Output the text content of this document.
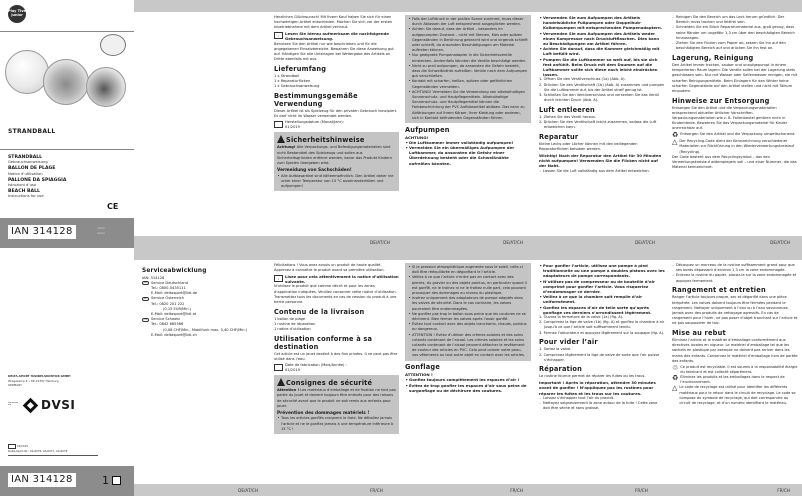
Play Tive Junior
STRANDBALL
STRANDBALL
Gebrauchsanweisung
BALLON DE PLAGE
Notice d’utilisation
PALLONE DA SPIAGGIA
Istruzioni d’uso
BEACH BALL
Instructions for use
CE
IAN 314128	⬭⬭⬭
⬭⬭⬭

Herzlichen Glückwunsch! Mit Ihrem Kauf haben Sie sich für einen hochwertigen Artikel entschieden. Machen Sie sich vor der ersten Inbetriebnahme mit dem Artikel vertraut.

i	Lesen Sie hierzu aufmerksam die nachfolgende Gebrauchsanweisung.

Benutzen Sie den Artikel nur wie beschrieben und für die angegebenen Einsatzbereiche. Bewahren Sie diese Anweisung gut auf. Händigen Sie alle Unterlagen bei Weitergabe des Artikels an Dritte ebenfalls mit aus.

Lieferumfang
1 x Strandball
1 x Reparaturflicken
1 x Gebrauchsanweisung
Bestimmungsgemäße Verwendung

Dieser Artikel ist als Spielzeug für den privaten Gebrauch konzipiert. Es darf nicht im Wasser verwendet werden.

Herstellungsdatum (Monat/Jahr):
01/2019
Sicherheitshinweise

Achtung! Alle Verpackungs- und Befestigungsmaterialien sind nicht Bestandteil des Spielzeugs und sollen aus Sicherheitsgründen entfernt werden, bevor das Produkt Kindern zum Spielen übergeben wird.

Vermeidung von Sachschäden!
• Alle Aufblasartikel sind kälteempfindlich. Den Artikel daher nie unter einer Temperatur von 15 °C auseinanderfalten und aufpumpen!
• Falls der Luftdruck in der prallen Sonne zunimmt, muss dieser durch Ablassen der Luft entsprechend ausgeglichen werden.
• Achten Sie darauf, dass der Artikel – besonders im aufgepumpten Zustand – nicht mit Steinen, Kies oder spitzen Gegenständen in Berührung gebracht wird und nirgends schleift oder schleift, da ansonsten Beschädigungen am Material auftreten können.
• Nur geeignete Pumpenadapter in die Sicherheitsventile einstecken. Andernfalls könnten die Ventile beschädigt werden.
• Nicht zu prall aufpumpen, da ansonsten die Gefahr besteht, dass die Schweißnähte aufreißen. Ventile nach dem Aufpumpen gut verschließen.
• Kontakt mit scharfen, heißen, spitzen oder gefährlichen Gegenständen vermeiden.
• ACHTUNG! Vermeiden Sie die Verwendung von alkoholhaltigen Sonnenschutz- und Hautpflegemitteln. Alkoholhaltige Sonnenschutz- und Hautpflegemittel können die Farbbeschichtung der PVC Aufblasartikel ablösen. Das kann zu Abfärbungen auf Ihrem Körper, Ihrer Kleidung oder anderen, sich in Kontakt befindenden Gegenständen führen.
Aufpumpen
ACHTUNG!
• Die Luftkammer immer vollständig aufpumpen!
• Vermeiden Sie ein übermäßiges Aufpumpen der Luftkammer, da ansonsten die Gefahr einer Überdehnung besteht oder die Schweißnähte aufreißen könnten.
DE/AT/CH	DE/AT/CH
• Verwenden Sie zum Aufpumpen des Artikels handelsübliche Fußpumpen oder Doppelhub-Kolbenpumpen mit entsprechenden Pumpenadaptern.
• Verwenden Sie zum Aufpumpen des Artikels weder einen Kompressor noch Druckluftflaschen. Dies kann zu Beschädigungen am Artikel führen.
• Achten Sie darauf, dass die Kammer gleichmäßig mit Luft befüllt wird.
• Pumpen Sie die Luftkammer so weit auf, bis sie sich fest anfühlt. Beim Druck mit dem Daumen auf die Luftkammer sollte sich diese noch leicht eindrücken lassen.
1. Öffnen Sie den Ventilverschluss (1a) (Abb. A).
2. Drücken Sie den Ventilschaft (1b) (Abb. A) zusammen und pumpen Sie die Luftkammer auf, bis der Artikel straff genug ist.
3. Schließen Sie den Ventilverschluss und versenken Sie das Ventil durch leichten Druck (Abb. A).
Luft entleeren
1. Ziehen Sie das Ventil heraus.
2. Drücken Sie den Ventilschaft leicht zusammen, sodass die Luft entweichen kann.
Reparatur

Kleine Lecks oder Löcher können mit den beiliegenden Reparaturflicken behoben werden.

Wichtig! Nach der Reparatur den Artikel für 30 Minuten nicht aufpumpen! Verwenden Sie die Flicken nicht auf der Naht.
- Lassen Sie die Luft vollständig aus dem Artikel entweichen.
- Reinigen Sie den Bereich um das Leck herum gründlich. Der Bereich muss trocken und fettfrei sein.
- Schneiden Sie ein Stück Reparaturmaterial aus, groß genug, dass seine Ränder um ungefähr 1,3 cm über den beschädigten Bereich hinausragen.
- Ziehen Sie den Flicken vom Papier ab, setzen Sie ihn auf den beschädigten Bereich auf und drücken Sie ihn fest an.
Lagerung, Reinigung

Den Artikel immer trocken, sauber und unaufgepumpt in einem temperierten Raum lagern. Die Ventile sollen bei der Lagerung stets geschlossen sein. Nur mit Wasser oder Seifenwasser reinigen, nie mit scharfen Reinigungsmitteln. Beim Einlagern für den Winter keine scharfen Gegenstände auf den Artikel stellen und nicht mit Talkum einpudern.

Hinweise zur Entsorgung

Entsorgen Sie den Artikel und die Verpackungsmaterialien entsprechend aktueller örtlicher Vorschriften. Verpackungsmaterialien wie z. B. Folienbeutel gehören nicht in Kinderhände. Bewahren Sie das Verpackungsmaterial für Kinder unerreichbar auf.

♻ Entsorgen Sie den Artikel und die Verpackung umweltschonend.
△ Der Recycling-Code dient der Kennzeichnung verschiedener Materialien zur Rückführung in den Wiederverwertungskreislauf (Recycling).

Der Code besteht aus dem Recyclingsymbol – das den Verwertungskreislauf widerspiegeln soll – und einer Nummer, die das Material kennzeichnet.

DE/AT/CH	DE/AT/CH
DELTA-SPORT HANDELSKONTOR GMBH
Wragekamp 6 • DE-22397 Hamburg
GERMANY
▬▬ ▬▬ ▬▬ ▬▬	DVSI
01/2019
Delta-Sport-Nr.: AS-6076, AS-6077, AS-6078
IAN 314128	1
Serviceabwicklung
IAN: 314128
DE	Service Deutschland
Tel.: 0800-5435111
E-Mail: deltasport@lidl.de
AT	Service Österreich
Tel.: 0820 201 222
(0,15 EUR/Min.)
E-Mail: deltasport@lidl.at
CH	Service Schweiz
Tel.: 0842 665566
(0,08 CHF/Min., Mobilfunk max. 0,40 CHF/Min.)
E-Mail: deltasport@lidl.ch
DE/AT/CH

Félicitations ! Vous avez acquis un produit de haute qualité. Apprenez à connaître le produit avant sa première utilisation.

i	Lisez pour cela attentivement la notice d’utilisation suivante.

N’utilisez le produit que comme décrit et pour les zones d’application indiquées. Veuillez conserver cette notice d’utilisation. Transmettez tous les documents en cas de cession du produit à une tierce personne.

Contenu de la livraison
1 ballon de plage
1 rustine de réparation
1 notice d’utilisation
Utilisation conforme à sa destination

Cet article est un jouet destiné à des fins privées. Il ne peut pas être utilisé dans l’eau.

Date de fabrication (Mois/Année) :
01/2019
Consignes de sécurité

Attention ! Les matériaux d’emballage et de fixation ne font pas partie du jouet et doivent toujours être enlevés pour des raisons de sécurité avant que le produit ne soit remis aux enfants pour jouer.

Prévention des dommages matériels !
• Tous les articles gonflés craignent le froid. Ne déballez jamais l’article et ne le gonflez jamais à une température inférieure à 15 °C !
• Si la pression atmosphérique augmente sous le soleil, celle-ci doit être rééquilibrée en dégonflant le l’article.
• Veillez à ce que l’article n’entre pas en contact avec des pierres, du gravier ou des objets pointus, en particulier quand il est gonflé, ne le traînez ni ne le frottez nulle part, cela pouvant provoquer des dommages au niveau du plastique.
• Insérez uniquement des adaptateurs de pompe adaptés dans les valves de sécurité. Dans le cas contraire, les valves pourraient être endommagées.
• Ne gonflez pas trop le ballon sous peine que les coutures ne se déchirent. Bien fermer les valves après l’avoir gonflé.
• Évitez tout contact avec des objets tranchants, chauds, pointus ou dangereux.
• ATTENTION ! Évitez d’utiliser des crèmes solaires et des soins cutanés contenant de l’alcool. Les crèmes solaires et les soins cutanés contenant de l’alcool peuvent détacher le revêtement de couleur des articles en PVC. Cela peut colorer votre peau, vos vêtements ou tout autre objet en contact avec les articles.
Gonflage
ATTENTION !
• Gonflez toujours complètement les espaces d’air !
• Évitez de trop gonfler les espaces d’air sous peine de surgonflage ou de déchirure des coutures.
FR/CH	FR/CH
• Pour gonfler l’article, utilisez une pompe à pied traditionnelle ou une pompe à doubles pistons avec les adaptateurs de pompe correspondants.
• N’utilisez pas de compresseur ou de bouteille d’air comprimé pour gonfler l’article. Vous risqueriez d’endommager ce dernier.
• Veillez à ce que la chambre soit remplie d’air uniformément.
• Gonflez les espaces d’air de telle sorte qu’après gonflage ces derniers s’arrondissent légèrement.
1. Ouvrez la fermeture de la valve (1a) (fig. A).
2. Comprimez la tige de valve (1b) (fig. A) et gonflez la chambre à air jusqu’à ce que l’article soit suffisamment tendu.
3. Fermez l’obturateur et appuyez légèrement sur la soupape (fig. A).
Pour vider l’air
1. Sortez la valve.
2. Comprimez légèrement la tige de valve de sorte que l’air puisse s’échapper.
Réparation

La rustine fournie permet de réparer les fuites ou les trous.

Important ! Après la réparation, attendre 30 minutes avant de gonfler ! N’appliquez pas les rustines pour réparer les fuites et les trous sur les coutures.
- Laissez s’échapper tout l’air du produit.
- Nettoyez soigneusement la zone autour de la fuite ! Cette zone doit être sèche et sans graisse.
- Découpez un morceau de la rustine suffisamment grand pour que ses bords dépassent d’environ 1,3 cm la zone endommagée.
- Enlevez la rustine du papier, placez-la sur la zone endommagée et appuyez fermement.
Rangement et entretien

Ranger l’article toujours propre, sec et dégonflé dans une pièce tempérée. Les valves doivent toujours être fermées pendant le rangement. Nettoyer uniquement à l’eau ou à l’eau savonneuse, jamais avec des produits de nettoyage agressifs. En cas de rangement pour l’hiver, ne pas poser d’objet tranchant sur l’article et ne pas saupoudrer de talc.

Mise au rebut

Éliminez l’article et le matériel d’emballage conformément aux directives locales en vigueur. Le matériel d’emballage tel que les sachets en plastique par exemple ne doivent pas arriver dans les mains des enfants. Conservez le matériel d’emballage hors de portée des enfants.

♲ Ce produit est recyclable. Il est soumis à la responsabilité élargie du fabricant et est collecté séparément.
♻ Éliminez les produits et les emballages dans le respect de l’environnement.
△ Le code de recyclage est utilisé pour identifier les différents matériaux pour le retour dans le circuit de recyclage. Le code se compose du symbole de recyclage, qui doit correspondre au circuit de recyclage, et d’un numéro identifiant le matériau.
FR/CH	FR/CH
